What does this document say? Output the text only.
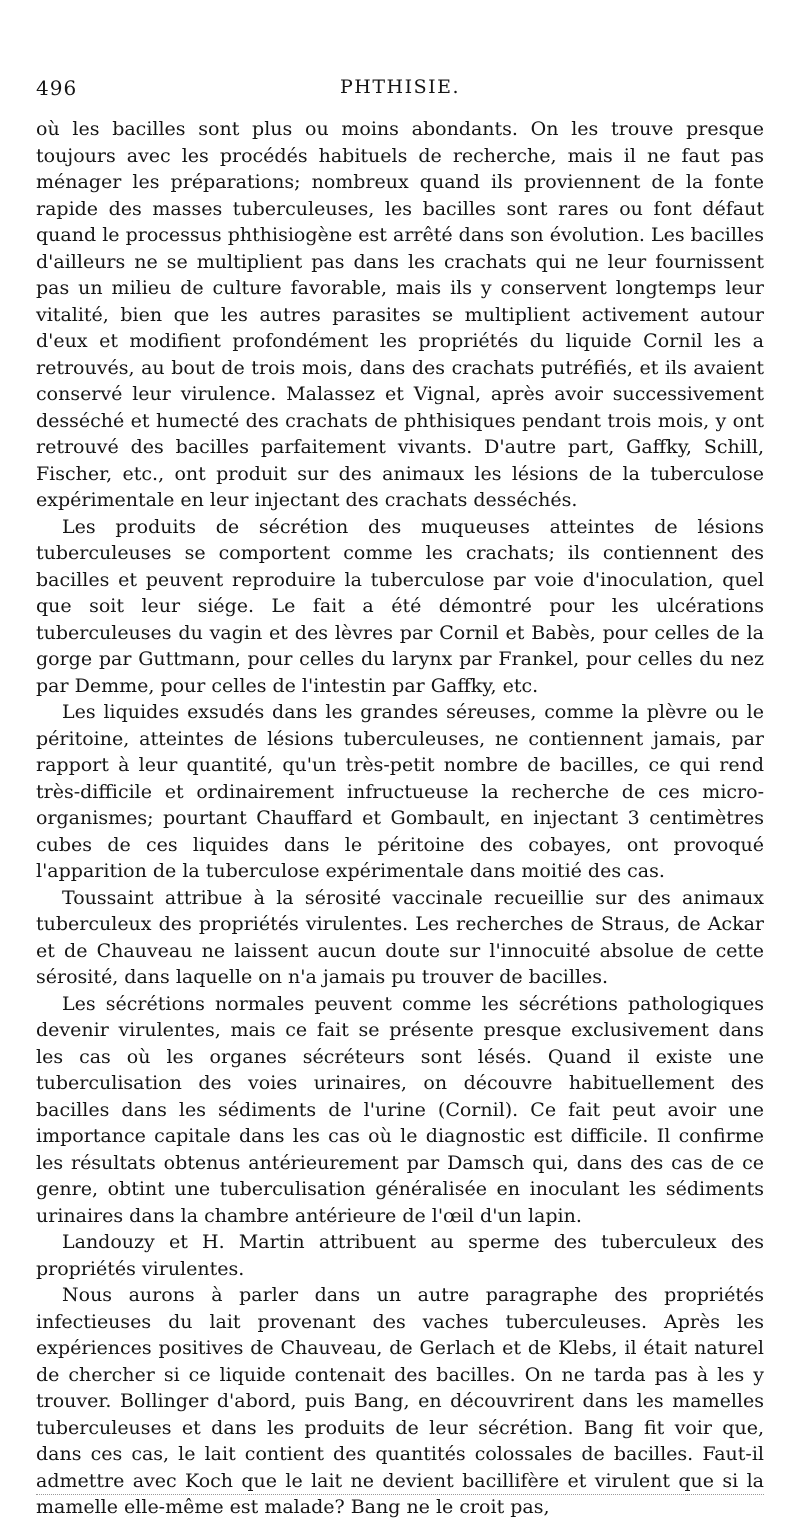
496	PHTHISIE.

où les bacilles sont plus ou moins abondants. On les trouve presque toujours avec les procédés habituels de recherche, mais il ne faut pas ménager les préparations; nombreux quand ils proviennent de la fonte rapide des masses tuberculeuses, les bacilles sont rares ou font défaut quand le processus phthisiogène est arrêté dans son évolution. Les bacilles d'ailleurs ne se multiplient pas dans les crachats qui ne leur fournissent pas un milieu de culture favorable, mais ils y conservent longtemps leur vitalité, bien que les autres parasites se multiplient activement autour d'eux et modifient profondément les propriétés du liquide Cornil les a retrouvés, au bout de trois mois, dans des crachats putréfiés, et ils avaient conservé leur virulence. Malassez et Vignal, après avoir successivement desséché et humecté des crachats de phthisiques pendant trois mois, y ont retrouvé des bacilles parfaitement vivants. D'autre part, Gaffky, Schill, Fischer, etc., ont produit sur des animaux les lésions de la tuberculose expérimentale en leur injectant des crachats desséchés.

Les produits de sécrétion des muqueuses atteintes de lésions tuberculeuses se comportent comme les crachats; ils contiennent des bacilles et peuvent reproduire la tuberculose par voie d'inoculation, quel que soit leur siége. Le fait a été démontré pour les ulcérations tuberculeuses du vagin et des lèvres par Cornil et Babès, pour celles de la gorge par Guttmann, pour celles du larynx par Frankel, pour celles du nez par Demme, pour celles de l'intestin par Gaffky, etc.

Les liquides exsudés dans les grandes séreuses, comme la plèvre ou le péritoine, atteintes de lésions tuberculeuses, ne contiennent jamais, par rapport à leur quantité, qu'un très-petit nombre de bacilles, ce qui rend très-difficile et ordinairement infructueuse la recherche de ces micro-organismes; pourtant Chauffard et Gombault, en injectant 3 centimètres cubes de ces liquides dans le péritoine des cobayes, ont provoqué l'apparition de la tuberculose expérimentale dans moitié des cas.

Toussaint attribue à la sérosité vaccinale recueillie sur des animaux tuberculeux des propriétés virulentes. Les recherches de Straus, de Ackar et de Chauveau ne laissent aucun doute sur l'innocuité absolue de cette sérosité, dans laquelle on n'a jamais pu trouver de bacilles.

Les sécrétions normales peuvent comme les sécrétions pathologiques devenir virulentes, mais ce fait se présente presque exclusivement dans les cas où les organes sécréteurs sont lésés. Quand il existe une tuberculisation des voies urinaires, on découvre habituellement des bacilles dans les sédiments de l'urine (Cornil). Ce fait peut avoir une importance capitale dans les cas où le diagnostic est difficile. Il confirme les résultats obtenus antérieurement par Damsch qui, dans des cas de ce genre, obtint une tuberculisation généralisée en inoculant les sédiments urinaires dans la chambre antérieure de l'œil d'un lapin.

Landouzy et H. Martin attribuent au sperme des tuberculeux des propriétés virulentes.

Nous aurons à parler dans un autre paragraphe des propriétés infectieuses du lait provenant des vaches tuberculeuses. Après les expériences positives de Chauveau, de Gerlach et de Klebs, il était naturel de chercher si ce liquide contenait des bacilles. On ne tarda pas à les y trouver. Bollinger d'abord, puis Bang, en découvrirent dans les mamelles tuberculeuses et dans les produits de leur sécrétion. Bang fit voir que, dans ces cas, le lait contient des quantités colossales de bacilles. Faut-il admettre avec Koch que le lait ne devient bacillifère et virulent que si la mamelle elle-même est malade? Bang ne le croit pas,
